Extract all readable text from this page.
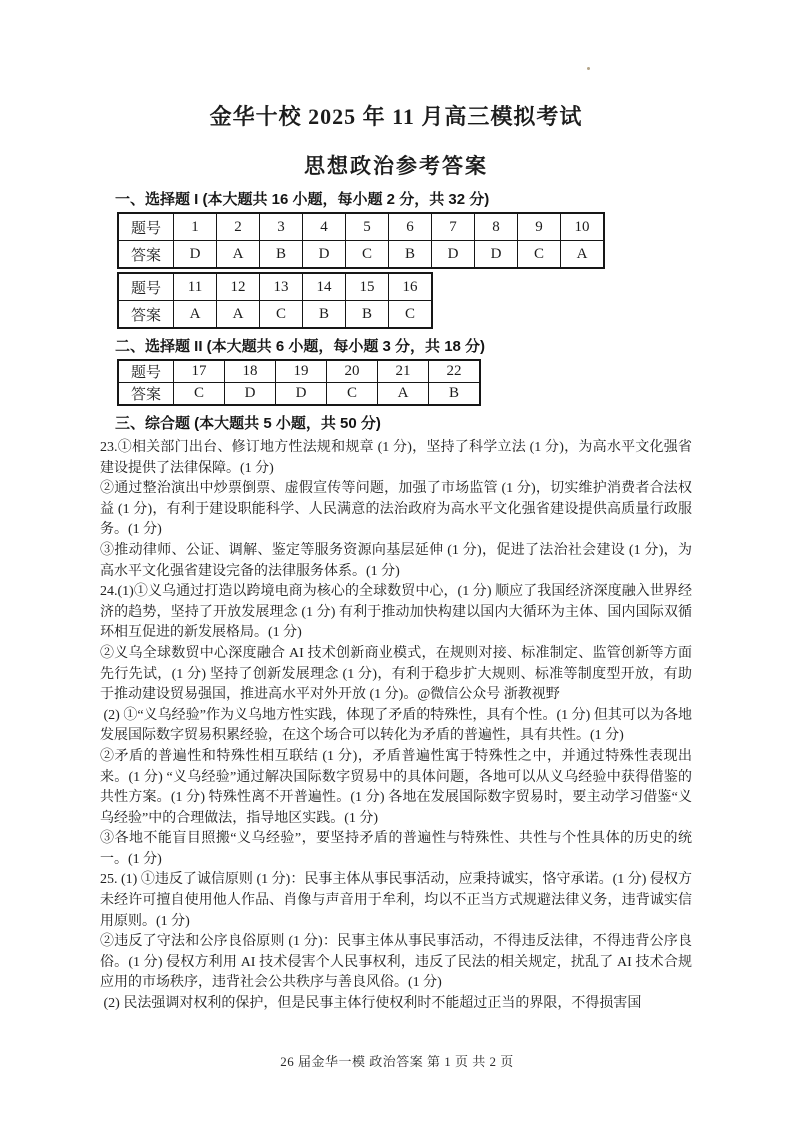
金华十校 2025 年 11 月高三模拟考试
思想政治参考答案
一、选择题 I (本大题共 16 小题，每小题 2 分，共 32 分)
题号	1	2	3	4	5	6	7	8	9	10
答案	D	A	B	D	C	B	D	D	C	A
题号	11	12	13	14	15	16
答案	A	A	C	B	B	C
二、选择题 II (本大题共 6 小题，每小题 3 分，共 18 分)
题号	17	18	19	20	21	22
答案	C	D	D	C	A	B
三、综合题 (本大题共 5 小题，共 50 分)

23.①相关部门出台、修订地方性法规和规章 (1 分)，坚持了科学立法 (1 分)，为高水平文化强省建设提供了法律保障。(1 分)

②通过整治演出中炒票倒票、虚假宣传等问题，加强了市场监管 (1 分)，切实维护消费者合法权益 (1 分)，有利于建设职能科学、人民满意的法治政府为高水平文化强省建设提供高质量行政服务。(1 分)

③推动律师、公证、调解、鉴定等服务资源向基层延伸 (1 分)，促进了法治社会建设 (1 分)，为高水平文化强省建设完备的法律服务体系。(1 分)

24.(1)①义乌通过打造以跨境电商为核心的全球数贸中心，(1 分) 顺应了我国经济深度融入世界经济的趋势，坚持了开放发展理念 (1 分) 有利于推动加快构建以国内大循环为主体、国内国际双循环相互促进的新发展格局。(1 分)

②义乌全球数贸中心深度融合 AI 技术创新商业模式，在规则对接、标准制定、监管创新等方面先行先试，(1 分) 坚持了创新发展理念 (1 分)，有利于稳步扩大规则、标准等制度型开放，有助于推动建设贸易强国，推进高水平对外开放 (1 分)。@微信公众号 浙教视野

(2) ①“义乌经验”作为义乌地方性实践，体现了矛盾的特殊性，具有个性。(1 分) 但其可以为各地发展国际数字贸易积累经验，在这个场合可以转化为矛盾的普遍性，具有共性。(1 分)

②矛盾的普遍性和特殊性相互联结 (1 分)，矛盾普遍性寓于特殊性之中，并通过特殊性表现出来。(1 分) “义乌经验”通过解决国际数字贸易中的具体问题，各地可以从义乌经验中获得借鉴的共性方案。(1 分) 特殊性离不开普遍性。(1 分) 各地在发展国际数字贸易时，要主动学习借鉴“义乌经验”中的合理做法，指导地区实践。(1 分)

③各地不能盲目照搬“义乌经验”，要坚持矛盾的普遍性与特殊性、共性与个性具体的历史的统一。(1 分)

25. (1) ①违反了诚信原则 (1 分)：民事主体从事民事活动，应秉持诚实，恪守承诺。(1 分) 侵权方未经许可擅自使用他人作品、肖像与声音用于牟利，均以不正当方式规避法律义务，违背诚实信用原则。(1 分)

②违反了守法和公序良俗原则 (1 分)：民事主体从事民事活动，不得违反法律，不得违背公序良俗。(1 分) 侵权方利用 AI 技术侵害个人民事权利，违反了民法的相关规定，扰乱了 AI 技术合规应用的市场秩序，违背社会公共秩序与善良风俗。(1 分)

(2) 民法强调对权利的保护，但是民事主体行使权利时不能超过正当的界限，不得损害国

26 届金华一模 政治答案 第 1 页 共 2 页
